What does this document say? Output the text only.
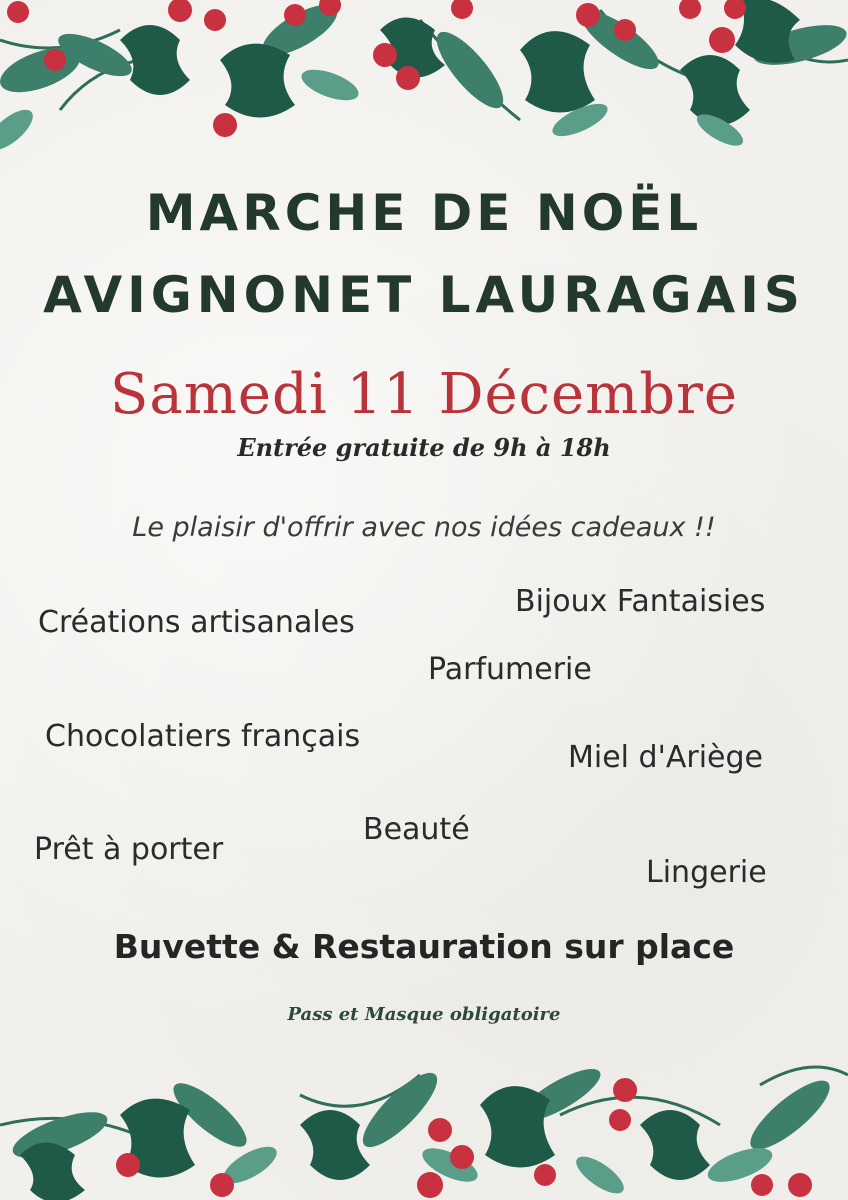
MARCHE DE NOËL
AVIGNONET LAURAGAIS
Samedi 11 Décembre
Entrée gratuite de 9h à 18h
Le plaisir d'offrir avec nos idées cadeaux !!
Créations artisanales
Bijoux Fantaisies
Parfumerie
Chocolatiers français
Miel d'Ariège
Beauté
Prêt à porter
Lingerie
Buvette & Restauration sur place
Pass et Masque obligatoire
